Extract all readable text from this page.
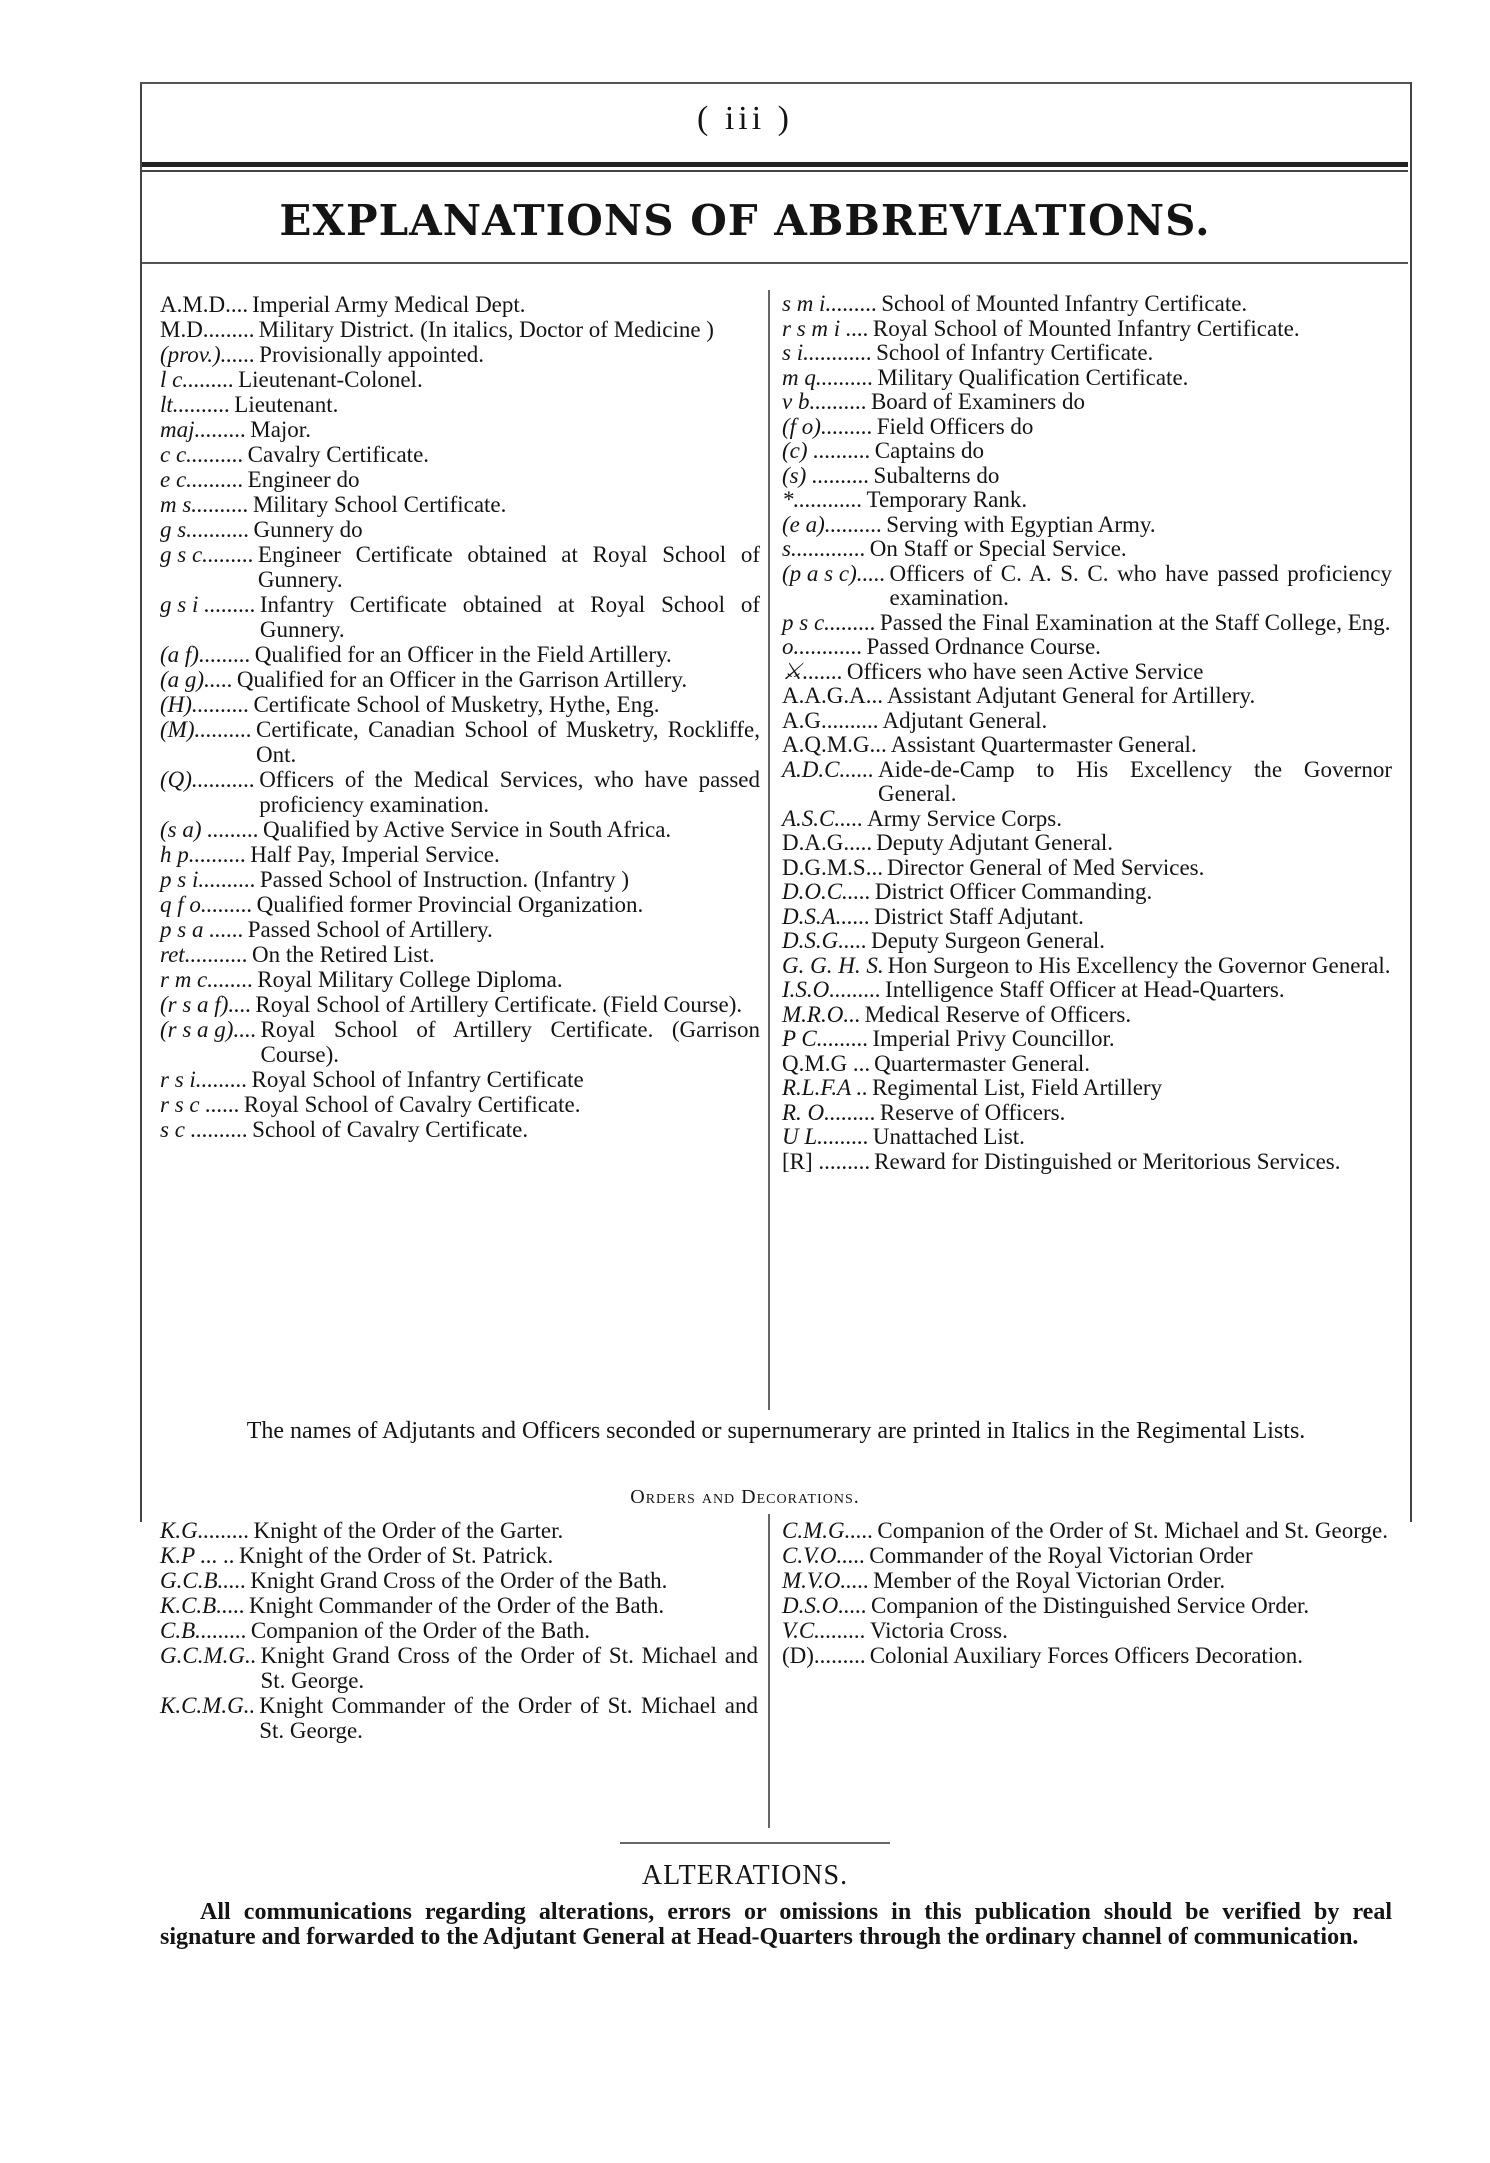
( iii )
EXPLANATIONS OF ABBREVIATIONS.
A.M.D.... Imperial Army Medical Dept.
M.D......... Military District. (In italics, Doctor of Medicine )
(prov.)...... Provisionally appointed.
l c......... Lieutenant-Colonel.
lt.......... Lieutenant.
maj......... Major.
c c.......... Cavalry Certificate.
e c.......... Engineer do
m s.......... Military School Certificate.
g s........... Gunnery do
g s c......... Engineer Certificate obtained at Royal School of Gunnery.
g s i ......... Infantry Certificate obtained at Royal School of Gunnery.
(a f)......... Qualified for an Officer in the Field Artillery.
(a g)..... Qualified for an Officer in the Garrison Artillery.
(H).......... Certificate School of Musketry, Hythe, Eng.
(M).......... Certificate, Canadian School of Musketry, Rockliffe, Ont.
(Q)........... Officers of the Medical Services, who have passed proficiency examination.
(s a) ......... Qualified by Active Service in South Africa.
h p.......... Half Pay, Imperial Service.
p s i.......... Passed School of Instruction. (Infantry )
q f o......... Qualified former Provincial Organization.
p s a ...... Passed School of Artillery.
ret........... On the Retired List.
r m c........ Royal Military College Diploma.
(r s a f).... Royal School of Artillery Certificate. (Field Course).
(r s a g).... Royal School of Artillery Certificate. (Garrison Course).
r s i......... Royal School of Infantry Certificate
r s c ...... Royal School of Cavalry Certificate.
s c .......... School of Cavalry Certificate.
s m i......... School of Mounted Infantry Certificate.
r s m i .... Royal School of Mounted Infantry Certificate.
s i............ School of Infantry Certificate.
m q.......... Military Qualification Certificate.
v b.......... Board of Examiners do
(f o)......... Field Officers do
(c) .......... Captains do
(s) .......... Subalterns do
*............ Temporary Rank.
(e a).......... Serving with Egyptian Army.
s............. On Staff or Special Service.
(p a s c)..... Officers of C. A. S. C. who have passed proficiency examination.
p s c......... Passed the Final Examination at the Staff College, Eng.
o............ Passed Ordnance Course.
⚔....... Officers who have seen Active Service
A.A.G.A... Assistant Adjutant General for Artillery.
A.G.......... Adjutant General.
A.Q.M.G... Assistant Quartermaster General.
A.D.C...... Aide-de-Camp to His Excellency the Governor General.
A.S.C..... Army Service Corps.
D.A.G..... Deputy Adjutant General.
D.G.M.S... Director General of Med Services.
D.O.C..... District Officer Commanding.
D.S.A...... District Staff Adjutant.
D.S.G..... Deputy Surgeon General.
G. G. H. S. Hon Surgeon to His Excellency the Governor General.
I.S.O......... Intelligence Staff Officer at Head-Quarters.
M.R.O... Medical Reserve of Officers.
P C......... Imperial Privy Councillor.
Q.M.G ... Quartermaster General.
R.L.F.A .. Regimental List, Field Artillery
R. O......... Reserve of Officers.
U L......... Unattached List.
[R] ......... Reward for Distinguished or Meritorious Services.
The names of Adjutants and Officers seconded or supernumerary are printed in Italics in the Regimental Lists.
Orders and Decorations.
K.G......... Knight of the Order of the Garter.
K.P ... .. Knight of the Order of St. Patrick.
G.C.B..... Knight Grand Cross of the Order of the Bath.
K.C.B..... Knight Commander of the Order of the Bath.
C.B......... Companion of the Order of the Bath.
G.C.M.G.. Knight Grand Cross of the Order of St. Michael and St. George.
K.C.M.G.. Knight Commander of the Order of St. Michael and St. George.
C.M.G..... Companion of the Order of St. Michael and St. George.
C.V.O..... Commander of the Royal Victorian Order
M.V.O..... Member of the Royal Victorian Order.
D.S.O..... Companion of the Distinguished Service Order.
V.C......... Victoria Cross.
(D)......... Colonial Auxiliary Forces Officers Decoration.
ALTERATIONS.
All communications regarding alterations, errors or omissions in this publication should be verified by real signature and forwarded to the Adjutant General at Head-Quarters through the ordinary channel of communication.
